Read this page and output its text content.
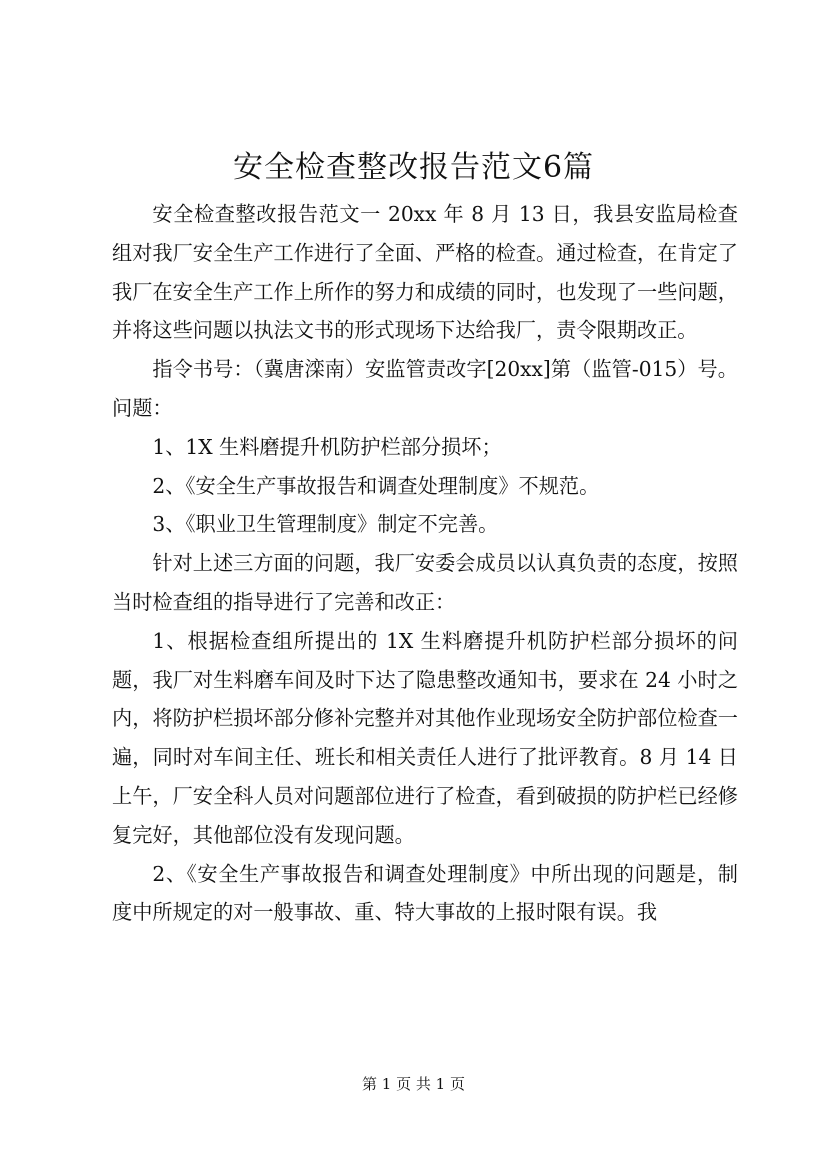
安全检查整改报告范文6篇

安全检查整改报告范文一 20xx 年 8 月 13 日，我县安监局检查组对我厂安全生产工作进行了全面、严格的检查。通过检查，在肯定了我厂在安全生产工作上所作的努力和成绩的同时，也发现了一些问题，并将这些问题以执法文书的形式现场下达给我厂，责令限期改正。

指令书号：（冀唐滦南）安监管责改字[20xx]第（监管-015）号。问题：

1、1X 生料磨提升机防护栏部分损坏；

2、《安全生产事故报告和调查处理制度》不规范。

3、《职业卫生管理制度》制定不完善。

针对上述三方面的问题，我厂安委会成员以认真负责的态度，按照当时检查组的指导进行了完善和改正：

1、根据检查组所提出的 1X 生料磨提升机防护栏部分损坏的问题，我厂对生料磨车间及时下达了隐患整改通知书，要求在 24 小时之内，将防护栏损坏部分修补完整并对其他作业现场安全防护部位检查一遍，同时对车间主任、班长和相关责任人进行了批评教育。8 月 14 日上午，厂安全科人员对问题部位进行了检查，看到破损的防护栏已经修复完好，其他部位没有发现问题。

2、《安全生产事故报告和调查处理制度》中所出现的问题是，制度中所规定的对一般事故、重、特大事故的上报时限有误。我

第 1 页 共 1 页
